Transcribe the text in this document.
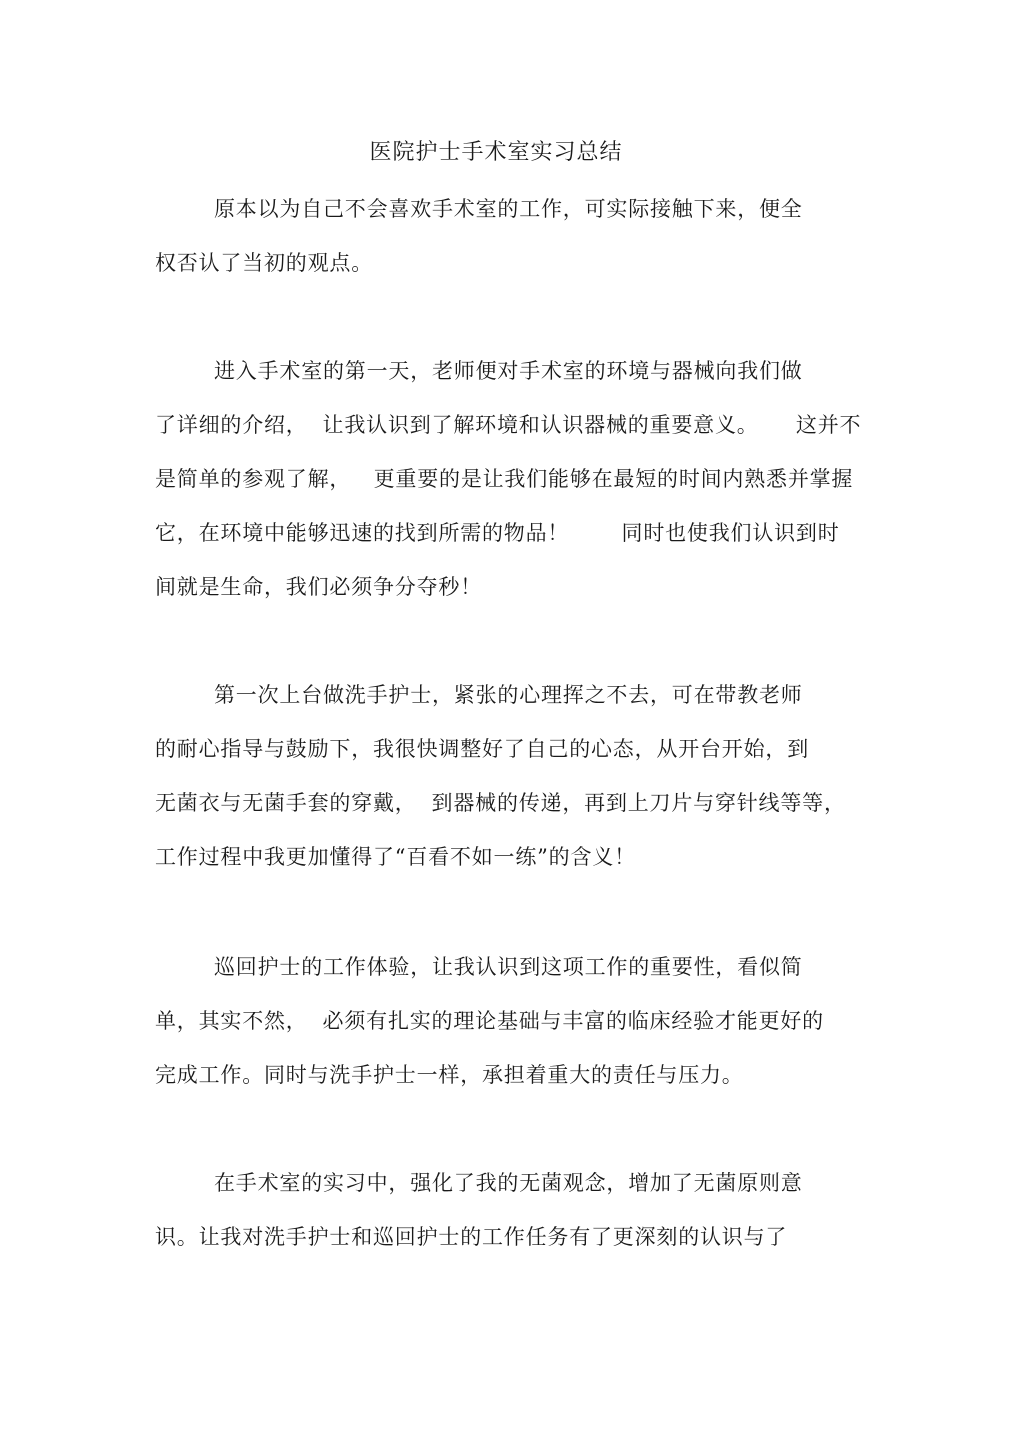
医院护士手术室实习总结
原本以为自己不会喜欢手术室的工作，可实际接触下来，便全
权否认了当初的观点。
进入手术室的第一天，老师便对手术室的环境与器械向我们做
了详细的介绍，  让我认识到了解环境和认识器械的重要意义。     这并不
是简单的参观了解，   更重要的是让我们能够在最短的时间内熟悉并掌握
它，在环境中能够迅速的找到所需的物品！       同时也使我们认识到时
间就是生命，我们必须争分夺秒！
第一次上台做洗手护士，紧张的心理挥之不去，可在带教老师
的耐心指导与鼓励下，我很快调整好了自己的心态，从开台开始，到
无菌衣与无菌手套的穿戴，  到器械的传递，再到上刀片与穿针线等等，
工作过程中我更加懂得了“百看不如一练”的含义！
巡回护士的工作体验，让我认识到这项工作的重要性，看似简
单，其实不然，  必须有扎实的理论基础与丰富的临床经验才能更好的
完成工作。同时与洗手护士一样，承担着重大的责任与压力。
在手术室的实习中，强化了我的无菌观念，增加了无菌原则意
识。让我对洗手护士和巡回护士的工作任务有了更深刻的认识与了
